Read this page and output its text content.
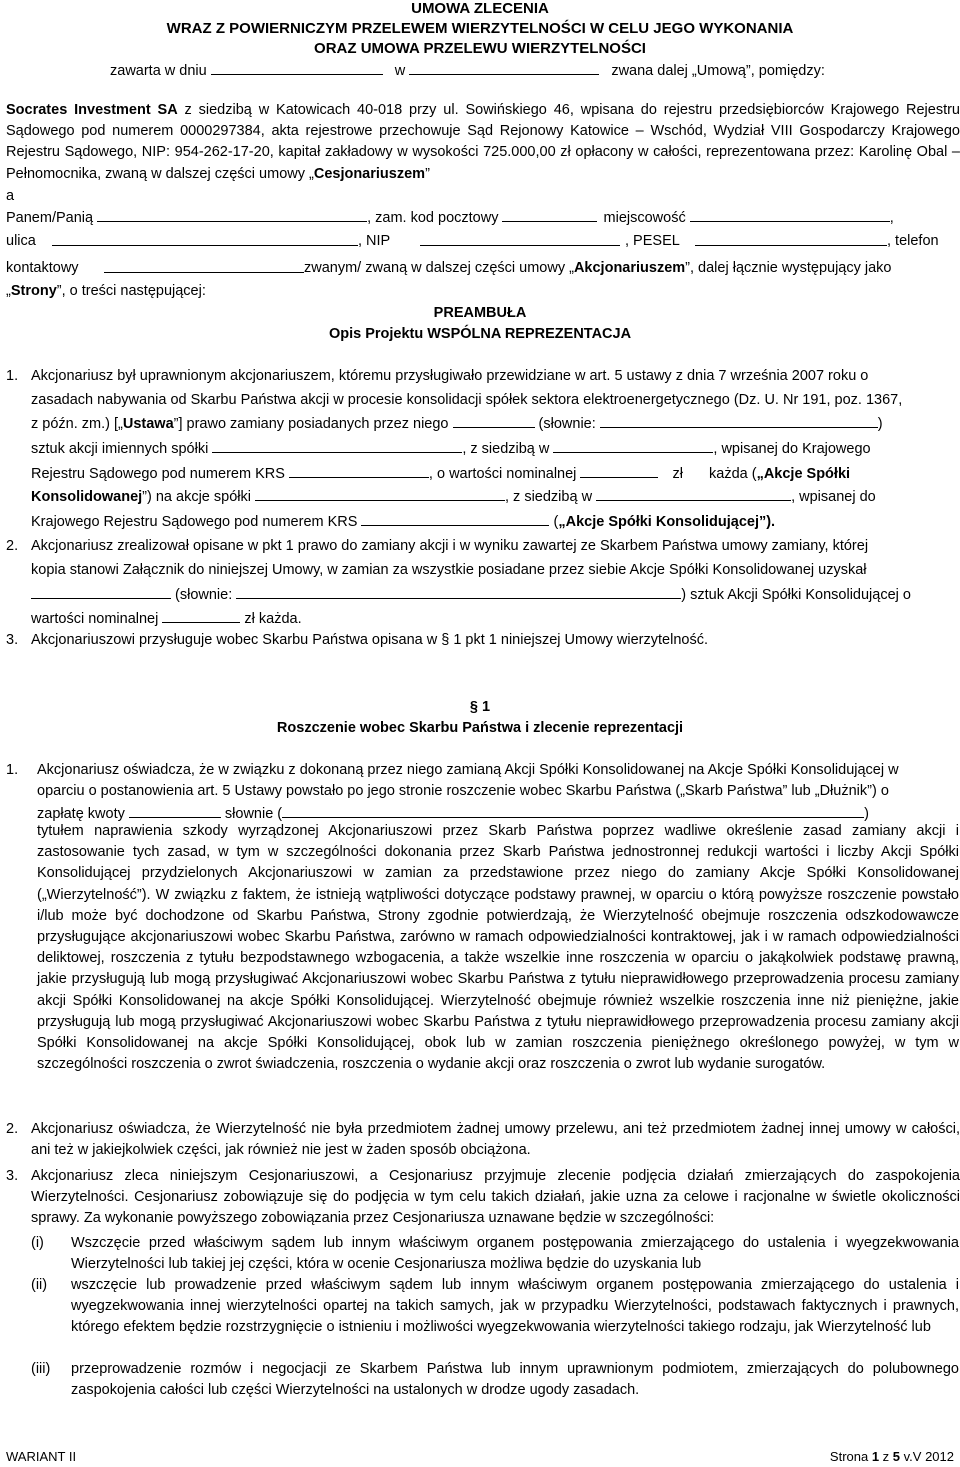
UMOWA ZLECENIA
WRAZ Z POWIERNICZYM PRZELEWEM WIERZYTELNOŚCI W CELU JEGO WYKONANIA
ORAZ UMOWA PRZELEWU WIERZYTELNOŚCI
zawarta w dniu	w	zwana dalej „Umową”, pomiędzy:
Socrates Investment SA z siedzibą w Katowicach 40-018 przy ul. Sowińskiego 46, wpisana do rejestru przedsiębiorców Krajowego Rejestru Sądowego pod numerem 0000297384, akta rejestrowe przechowuje Sąd Rejonowy Katowice – Wschód, Wydział VIII Gospodarczy Krajowego Rejestru Sądowego, NIP: 954-262-17-20, kapitał zakładowy w wysokości 725.000,00 zł opłacony w całości, reprezentowana przez: Karolinę Obal – Pełnomocnika, zwaną w dalszej części umowy „Cesjonariuszem”
a
Panem/Panią	, zam. kod pocztowy	miejscowość	,
ulica	, NIP	, PESEL	, telefon
kontaktowy	zwanym/ zwaną w dalszej części umowy „Akcjonariuszem”, dalej łącznie występujący jako
„Strony”, o treści następującej:
PREAMBUŁA
Opis Projektu WSPÓLNA REPREZENTACJA
1. Akcjonariusz był uprawnionym akcjonariuszem, któremu przysługiwało przewidziane w art. 5 ustawy z dnia 7 września 2007 roku o
zasadach nabywania od Skarbu Państwa akcji w procesie konsolidacji spółek sektora elektroenergetycznego (Dz. U. Nr 191, poz. 1367,
z późn. zm.) [„Ustawa”] prawo zamiany posiadanych przez niego	(słownie:	)
sztuk akcji imiennych spółki	, z siedzibą w	, wpisanej do Krajowego
Rejestru Sądowego pod numerem KRS	, o wartości nominalnej	zł każda („Akcje Spółki
Konsolidowanej”) na akcje spółki	, z siedzibą w	, wpisanej do
Krajowego Rejestru Sądowego pod numerem KRS	(„Akcje Spółki Konsolidującej”).
2. Akcjonariusz zrealizował opisane w pkt 1 prawo do zamiany akcji i w wyniku zawartej ze Skarbem Państwa umowy zamiany, której
kopia stanowi Załącznik do niniejszej Umowy, w zamian za wszystkie posiadane przez siebie Akcje Spółki Konsolidowanej uzyskał
(słownie:	) sztuk Akcji Spółki Konsolidującej o
wartości nominalnej	zł każda.
3. Akcjonariuszowi przysługuje wobec Skarbu Państwa opisana w § 1 pkt 1 niniejszej Umowy wierzytelność.
§ 1
Roszczenie wobec Skarbu Państwa i zlecenie reprezentacji
1. Akcjonariusz oświadcza, że w związku z dokonaną przez niego zamianą Akcji Spółki Konsolidowanej na Akcje Spółki Konsolidującej w
oparciu o postanowienia art. 5 Ustawy powstało po jego stronie roszczenie wobec Skarbu Państwa („Skarb Państwa” lub „Dłużnik”) o
zapłatę kwoty	słownie (	)
tytułem naprawienia szkody wyrządzonej Akcjonariuszowi przez Skarb Państwa poprzez wadliwe określenie zasad zamiany akcji i zastosowanie tych zasad, w tym w szczególności dokonania przez Skarb Państwa jednostronnej redukcji wartości i liczby Akcji Spółki Konsolidującej przydzielonych Akcjonariuszowi w zamian za przedstawione przez niego do zamiany Akcje Spółki Konsolidowanej („Wierzytelność”). W związku z faktem, że istnieją wątpliwości dotyczące podstawy prawnej, w oparciu o którą powyższe roszczenie powstało i/lub może być dochodzone od Skarbu Państwa, Strony zgodnie potwierdzają, że Wierzytelność obejmuje roszczenia odszkodowawcze przysługujące akcjonariuszowi wobec Skarbu Państwa, zarówno w ramach odpowiedzialności kontraktowej, jak i w ramach odpowiedzialności deliktowej, roszczenia z tytułu bezpodstawnego wzbogacenia, a także wszelkie inne roszczenia w oparciu o jakąkolwiek podstawę prawną, jakie przysługują lub mogą przysługiwać Akcjonariuszowi wobec Skarbu Państwa z tytułu nieprawidłowego przeprowadzenia procesu zamiany akcji Spółki Konsolidowanej na akcje Spółki Konsolidującej. Wierzytelność obejmuje również wszelkie roszczenia inne niż pieniężne, jakie przysługują lub mogą przysługiwać Akcjonariuszowi wobec Skarbu Państwa z tytułu nieprawidłowego przeprowadzenia procesu zamiany akcji Spółki Konsolidowanej na akcje Spółki Konsolidującej, obok lub w zamian roszczenia pieniężnego określonego powyżej, w tym w szczególności roszczenia o zwrot świadczenia, roszczenia o wydanie akcji oraz roszczenia o zwrot lub wydanie surogatów.
2. Akcjonariusz oświadcza, że Wierzytelność nie była przedmiotem żadnej umowy przelewu, ani też przedmiotem żadnej innej umowy w całości, ani też w jakiejkolwiek części, jak również nie jest w żaden sposób obciążona.
3. Akcjonariusz zleca niniejszym Cesjonariuszowi, a Cesjonariusz przyjmuje zlecenie podjęcia działań zmierzających do zaspokojenia Wierzytelności. Cesjonariusz zobowiązuje się do podjęcia w tym celu takich działań, jakie uzna za celowe i racjonalne w świetle okoliczności sprawy. Za wykonanie powyższego zobowiązania przez Cesjonariusza uznawane będzie w szczególności:
(i) Wszczęcie przed właściwym sądem lub innym właściwym organem postępowania zmierzającego do ustalenia i wyegzekwowania Wierzytelności lub takiej jej części, która w ocenie Cesjonariusza możliwa będzie do uzyskania lub
(ii) wszczęcie lub prowadzenie przed właściwym sądem lub innym właściwym organem postępowania zmierzającego do ustalenia i wyegzekwowania innej wierzytelności opartej na takich samych, jak w przypadku Wierzytelności, podstawach faktycznych i prawnych, którego efektem będzie rozstrzygnięcie o istnieniu i możliwości wyegzekwowania wierzytelności takiego rodzaju, jak Wierzytelność lub
(iii) przeprowadzenie rozmów i negocjacji ze Skarbem Państwa lub innym uprawnionym podmiotem, zmierzających do polubownego zaspokojenia całości lub części Wierzytelności na ustalonych w drodze ugody zasadach.
WARIANT II	Strona 1 z 5 v.V 2012
